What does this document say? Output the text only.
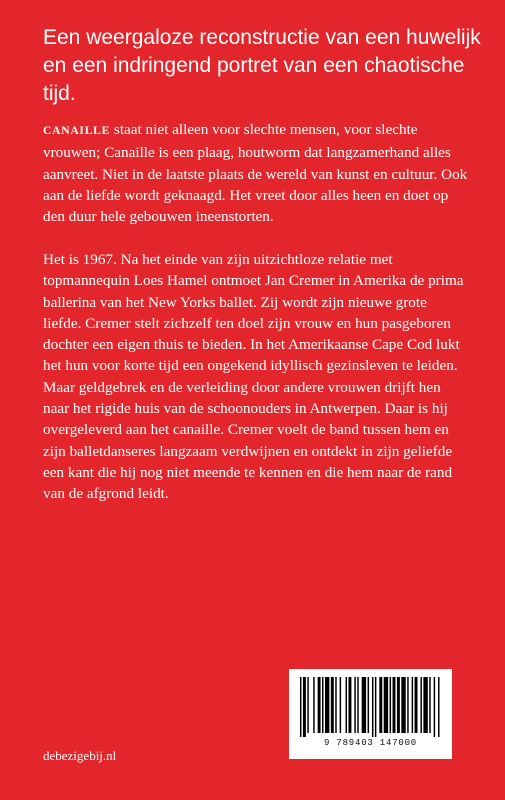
Een weergaloze reconstructie van een huwelijk en een indringend portret van een chaotische tijd.

CANAILLE staat niet alleen voor slechte mensen, voor slechte vrouwen; Canaille is een plaag, houtworm dat langzamerhand alles aanvreet. Niet in de laatste plaats de wereld van kunst en cultuur. Ook aan de liefde wordt geknaagd. Het vreet door alles heen en doet op den duur hele gebouwen ineenstorten.

Het is 1967. Na het einde van zijn uitzichtloze relatie met topmannequin Loes Hamel ontmoet Jan Cremer in Amerika de prima ballerina van het New Yorks ballet. Zij wordt zijn nieuwe grote liefde. Cremer stelt zichzelf ten doel zijn vrouw en hun pasgeboren dochter een eigen thuis te bieden. In het Amerikaanse Cape Cod lukt het hun voor korte tijd een ongekend idyllisch gezinsleven te leiden. Maar geldgebrek en de verleiding door andere vrouwen drijft hen naar het rigide huis van de schoonouders in Antwerpen. Daar is hij overgeleverd aan het canaille. Cremer voelt de band tussen hem en zijn balletdanseres langzaam verdwijnen en ontdekt in zijn geliefde een kant die hij nog niet meende te kennen en die hem naar de rand van de afgrond leidt.

debezigebij.nl
9 789403 147000
